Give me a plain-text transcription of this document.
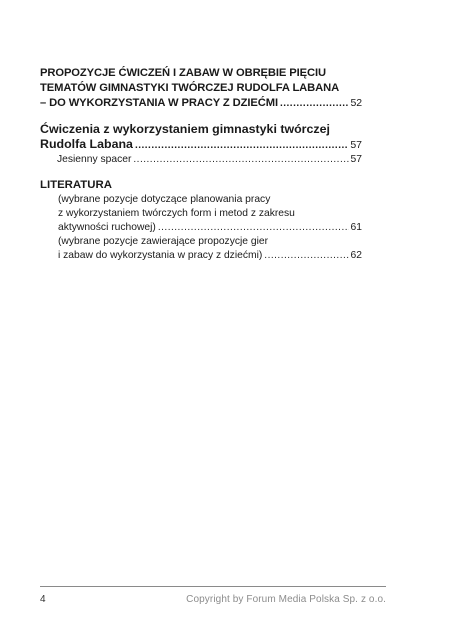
PROPOZYCJE ĆWICZEŃ I ZABAW W OBRĘBIE PIĘCIU
TEMATÓW GIMNASTYKI TWÓRCZEJ RUDOLFA LABANA
– DO WYKORZYSTANIA W PRACY Z DZIEĆMI .....	52
Ćwiczenia z wykorzystaniem gimnastyki twórczej
Rudolfa Labana .....	57
Jesienny spacer .....	57
LITERATURA
(wybrane pozycje dotyczące planowania pracy
z wykorzystaniem twórczych form i metod z zakresu
aktywności ruchowej) .....	61
(wybrane pozycje zawierające propozycje gier
i zabaw do wykorzystania w pracy z dziećmi) .....	62
4	Copyright by Forum Media Polska Sp. z o.o.
